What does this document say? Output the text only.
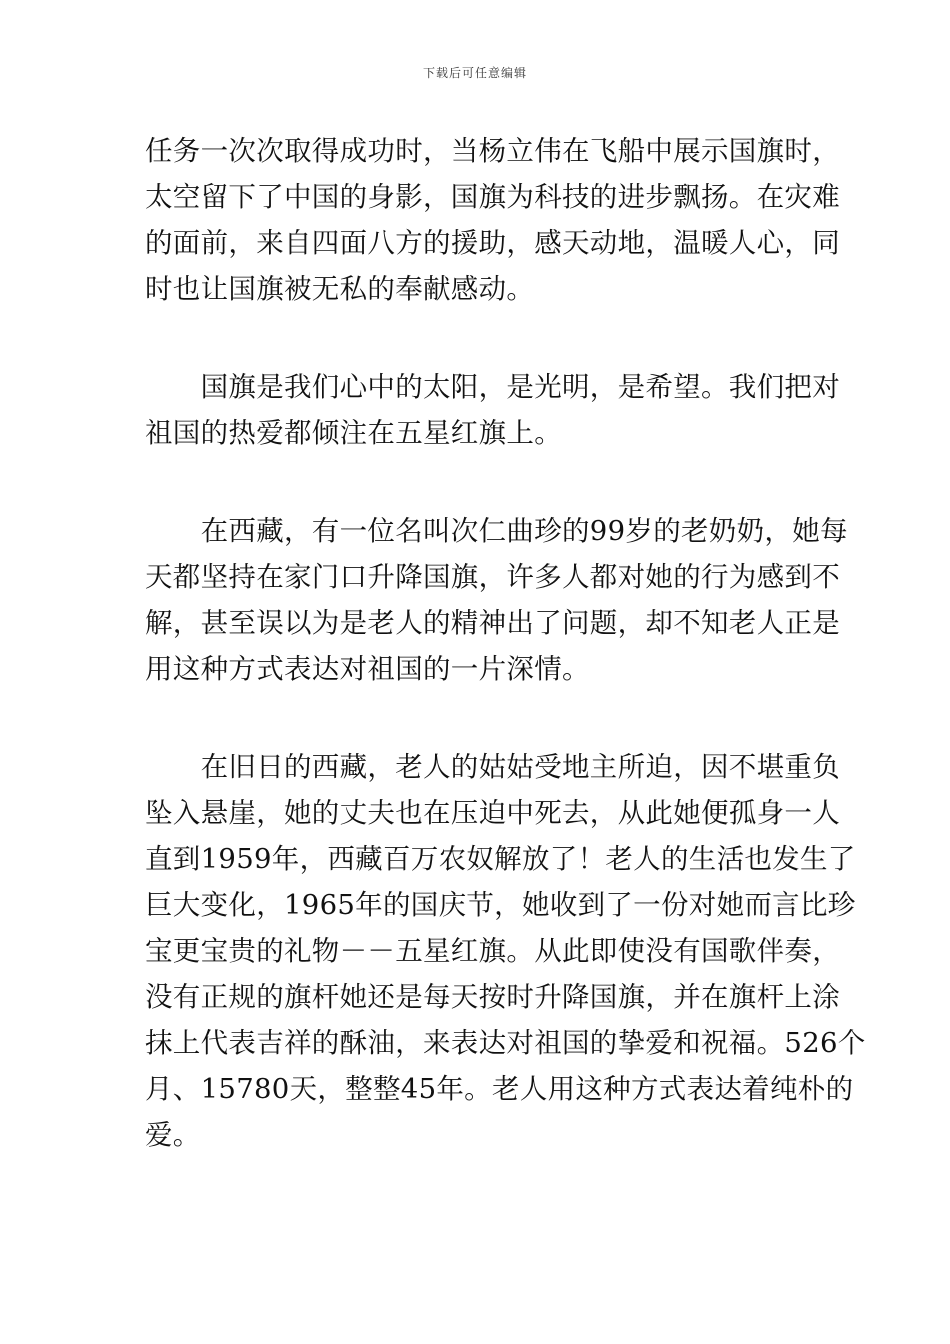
下载后可任意编辑
任务一次次取得成功时，当杨立伟在飞船中展示国旗时，
太空留下了中国的身影，国旗为科技的进步飘扬。在灾难
的面前，来自四面八方的援助，感天动地，温暖人心，同
时也让国旗被无私的奉献感动。
　　国旗是我们心中的太阳，是光明，是希望。我们把对
祖国的热爱都倾注在五星红旗上。
　　在西藏，有一位名叫次仁曲珍的99岁的老奶奶，她每
天都坚持在家门口升降国旗，许多人都对她的行为感到不
解，甚至误以为是老人的精神出了问题，却不知老人正是
用这种方式表达对祖国的一片深情。
　　在旧日的西藏，老人的姑姑受地主所迫，因不堪重负
坠入悬崖，她的丈夫也在压迫中死去，从此她便孤身一人
直到1959年，西藏百万农奴解放了！老人的生活也发生了
巨大变化，1965年的国庆节，她收到了一份对她而言比珍
宝更宝贵的礼物－－五星红旗。从此即使没有国歌伴奏，
没有正规的旗杆她还是每天按时升降国旗，并在旗杆上涂
抹上代表吉祥的酥油，来表达对祖国的挚爱和祝福。526个
月、15780天，整整45年。老人用这种方式表达着纯朴的
爱。
